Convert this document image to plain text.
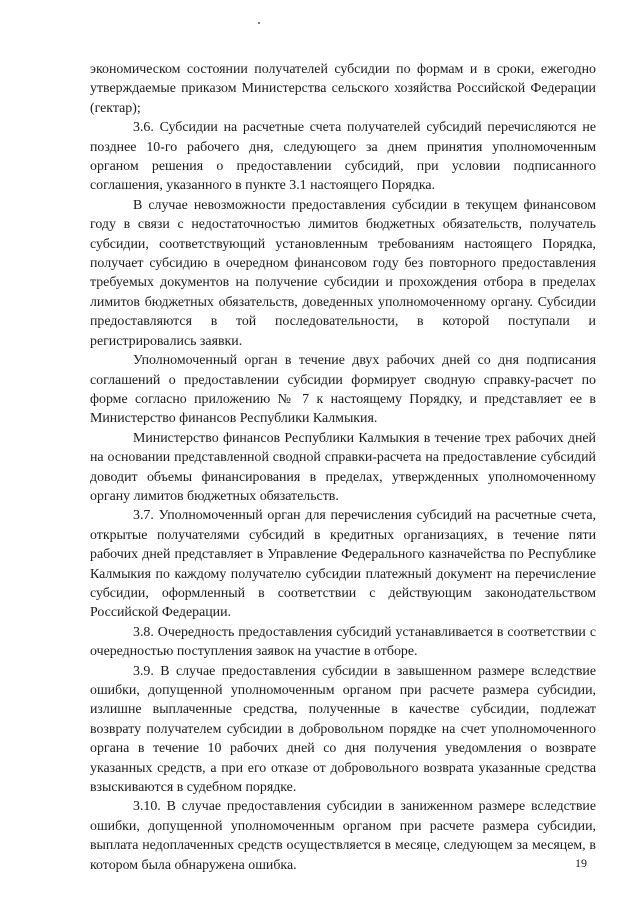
экономическом состоянии получателей субсидии по формам и в сроки, ежегодно утверждаемые приказом Министерства сельского хозяйства Российской Федерации (гектар);

3.6. Субсидии на расчетные счета получателей субсидий перечисляются не позднее 10-го рабочего дня, следующего за днем принятия уполномоченным органом решения о предоставлении субсидий, при условии подписанного соглашения, указанного в пункте 3.1 настоящего Порядка.

В случае невозможности предоставления субсидии в текущем финансовом году в связи с недостаточностью лимитов бюджетных обязательств, получатель субсидии, соответствующий установленным требованиям настоящего Порядка, получает субсидию в очередном финансовом году без повторного предоставления требуемых документов на получение субсидии и прохождения отбора в пределах лимитов бюджетных обязательств, доведенных уполномоченному органу. Субсидии предоставляются в той последовательности, в которой поступали и регистрировались заявки.

Уполномоченный орган в течение двух рабочих дней со дня подписания соглашений о предоставлении субсидии формирует сводную справку-расчет по форме согласно приложению № 7 к настоящему Порядку, и представляет ее в Министерство финансов Республики Калмыкия.

Министерство финансов Республики Калмыкия в течение трех рабочих дней на основании представленной сводной справки-расчета на предоставление субсидий доводит объемы финансирования в пределах, утвержденных уполномоченному органу лимитов бюджетных обязательств.

3.7. Уполномоченный орган для перечисления субсидий на расчетные счета, открытые получателями субсидий в кредитных организациях, в течение пяти рабочих дней представляет в Управление Федерального казначейства по Республике Калмыкия по каждому получателю субсидии платежный документ на перечисление субсидии, оформленный в соответствии с действующим законодательством Российской Федерации.

3.8. Очередность предоставления субсидий устанавливается в соответствии с очередностью поступления заявок на участие в отборе.

3.9. В случае предоставления субсидии в завышенном размере вследствие ошибки, допущенной уполномоченным органом при расчете размера субсидии, излишне выплаченные средства, полученные в качестве субсидии, подлежат возврату получателем субсидии в добровольном порядке на счет уполномоченного органа в течение 10 рабочих дней со дня получения уведомления о возврате указанных средств, а при его отказе от добровольного возврата указанные средства взыскиваются в судебном порядке.

3.10. В случае предоставления субсидии в заниженном размере вследствие ошибки, допущенной уполномоченным органом при расчете размера субсидии, выплата недоплаченных средств осуществляется в месяце, следующем за месяцем, в котором была обнаружена ошибка.	19
